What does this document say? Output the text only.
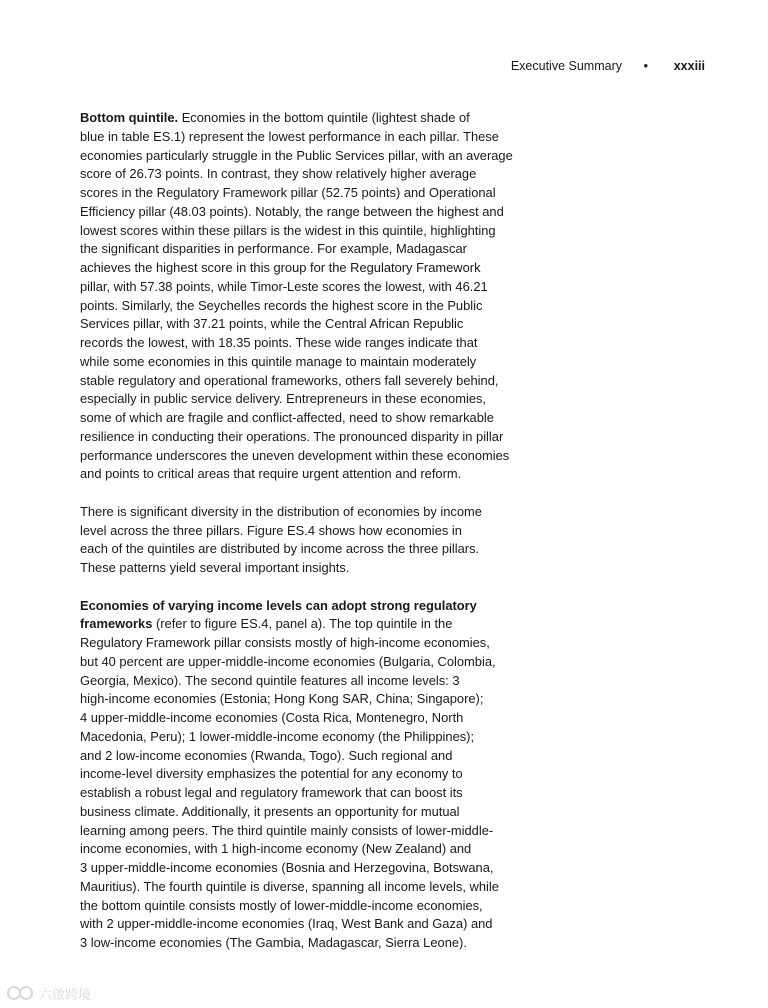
Executive Summary • xxxiii

Bottom quintile. Economies in the bottom quintile (lightest shade of
blue in table ES.1) represent the lowest performance in each pillar. These
economies particularly struggle in the Public Services pillar, with an average
score of 26.73 points. In contrast, they show relatively higher average
scores in the Regulatory Framework pillar (52.75 points) and Operational
Efficiency pillar (48.03 points). Notably, the range between the highest and
lowest scores within these pillars is the widest in this quintile, highlighting
the significant disparities in performance. For example, Madagascar
achieves the highest score in this group for the Regulatory Framework
pillar, with 57.38 points, while Timor-Leste scores the lowest, with 46.21
points. Similarly, the Seychelles records the highest score in the Public
Services pillar, with 37.21 points, while the Central African Republic
records the lowest, with 18.35 points. These wide ranges indicate that
while some economies in this quintile manage to maintain moderately
stable regulatory and operational frameworks, others fall severely behind,
especially in public service delivery. Entrepreneurs in these economies,
some of which are fragile and conflict-affected, need to show remarkable
resilience in conducting their operations. The pronounced disparity in pillar
performance underscores the uneven development within these economies
and points to critical areas that require urgent attention and reform.

There is significant diversity in the distribution of economies by income
level across the three pillars. Figure ES.4 shows how economies in
each of the quintiles are distributed by income across the three pillars.
These patterns yield several important insights.

Economies of varying income levels can adopt strong regulatory
frameworks (refer to figure ES.4, panel a). The top quintile in the
Regulatory Framework pillar consists mostly of high-income economies,
but 40 percent are upper-middle-income economies (Bulgaria, Colombia,
Georgia, Mexico). The second quintile features all income levels: 3
high-income economies (Estonia; Hong Kong SAR, China; Singapore);
4 upper-middle-income economies (Costa Rica, Montenegro, North
Macedonia, Peru); 1 lower-middle-income economy (the Philippines);
and 2 low-income economies (Rwanda, Togo). Such regional and
income-level diversity emphasizes the potential for any economy to
establish a robust legal and regulatory framework that can boost its
business climate. Additionally, it presents an opportunity for mutual
learning among peers. The third quintile mainly consists of lower-middle-
income economies, with 1 high-income economy (New Zealand) and
3 upper-middle-income economies (Bosnia and Herzegovina, Botswana,
Mauritius). The fourth quintile is diverse, spanning all income levels, while
the bottom quintile consists mostly of lower-middle-income economies,
with 2 upper-middle-income economies (Iraq, West Bank and Gaza) and
3 low-income economies (The Gambia, Madagascar, Sierra Leone).

六啟跨境
